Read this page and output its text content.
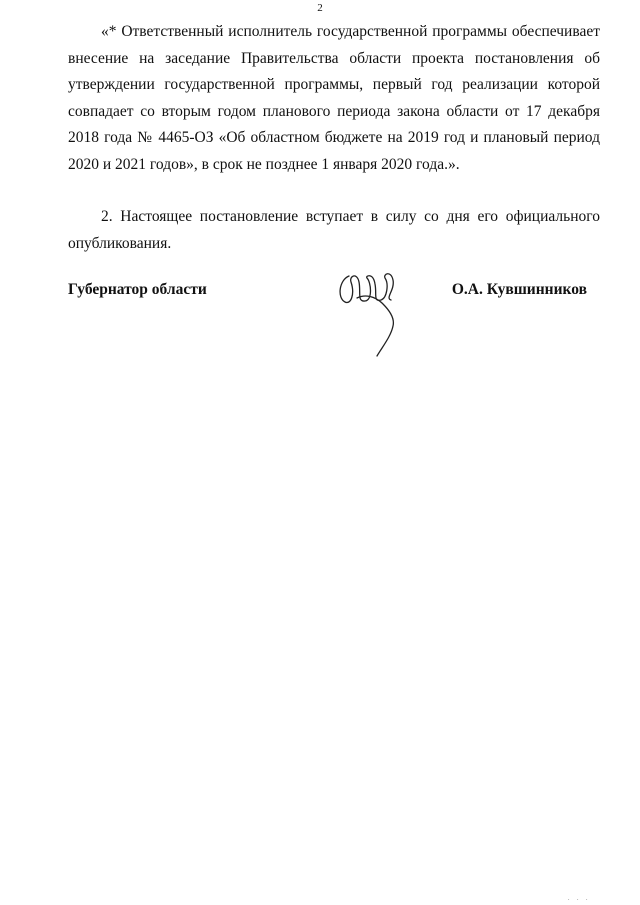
2

«* Ответственный исполнитель государственной программы обеспечивает внесение на заседание Правительства области проекта постановления об утверждении государственной программы, первый год реализации которой совпадает со вторым годом планового периода закона области от 17 декабря 2018 года № 4465-ОЗ «Об областном бюджете на 2019 год и плановый период 2020 и 2021 годов», в срок не позднее 1 января 2020 года.».

2. Настоящее постановление вступает в силу со дня его официального опубликования.

Губернатор области	О.А. Кувшинников
. . .
